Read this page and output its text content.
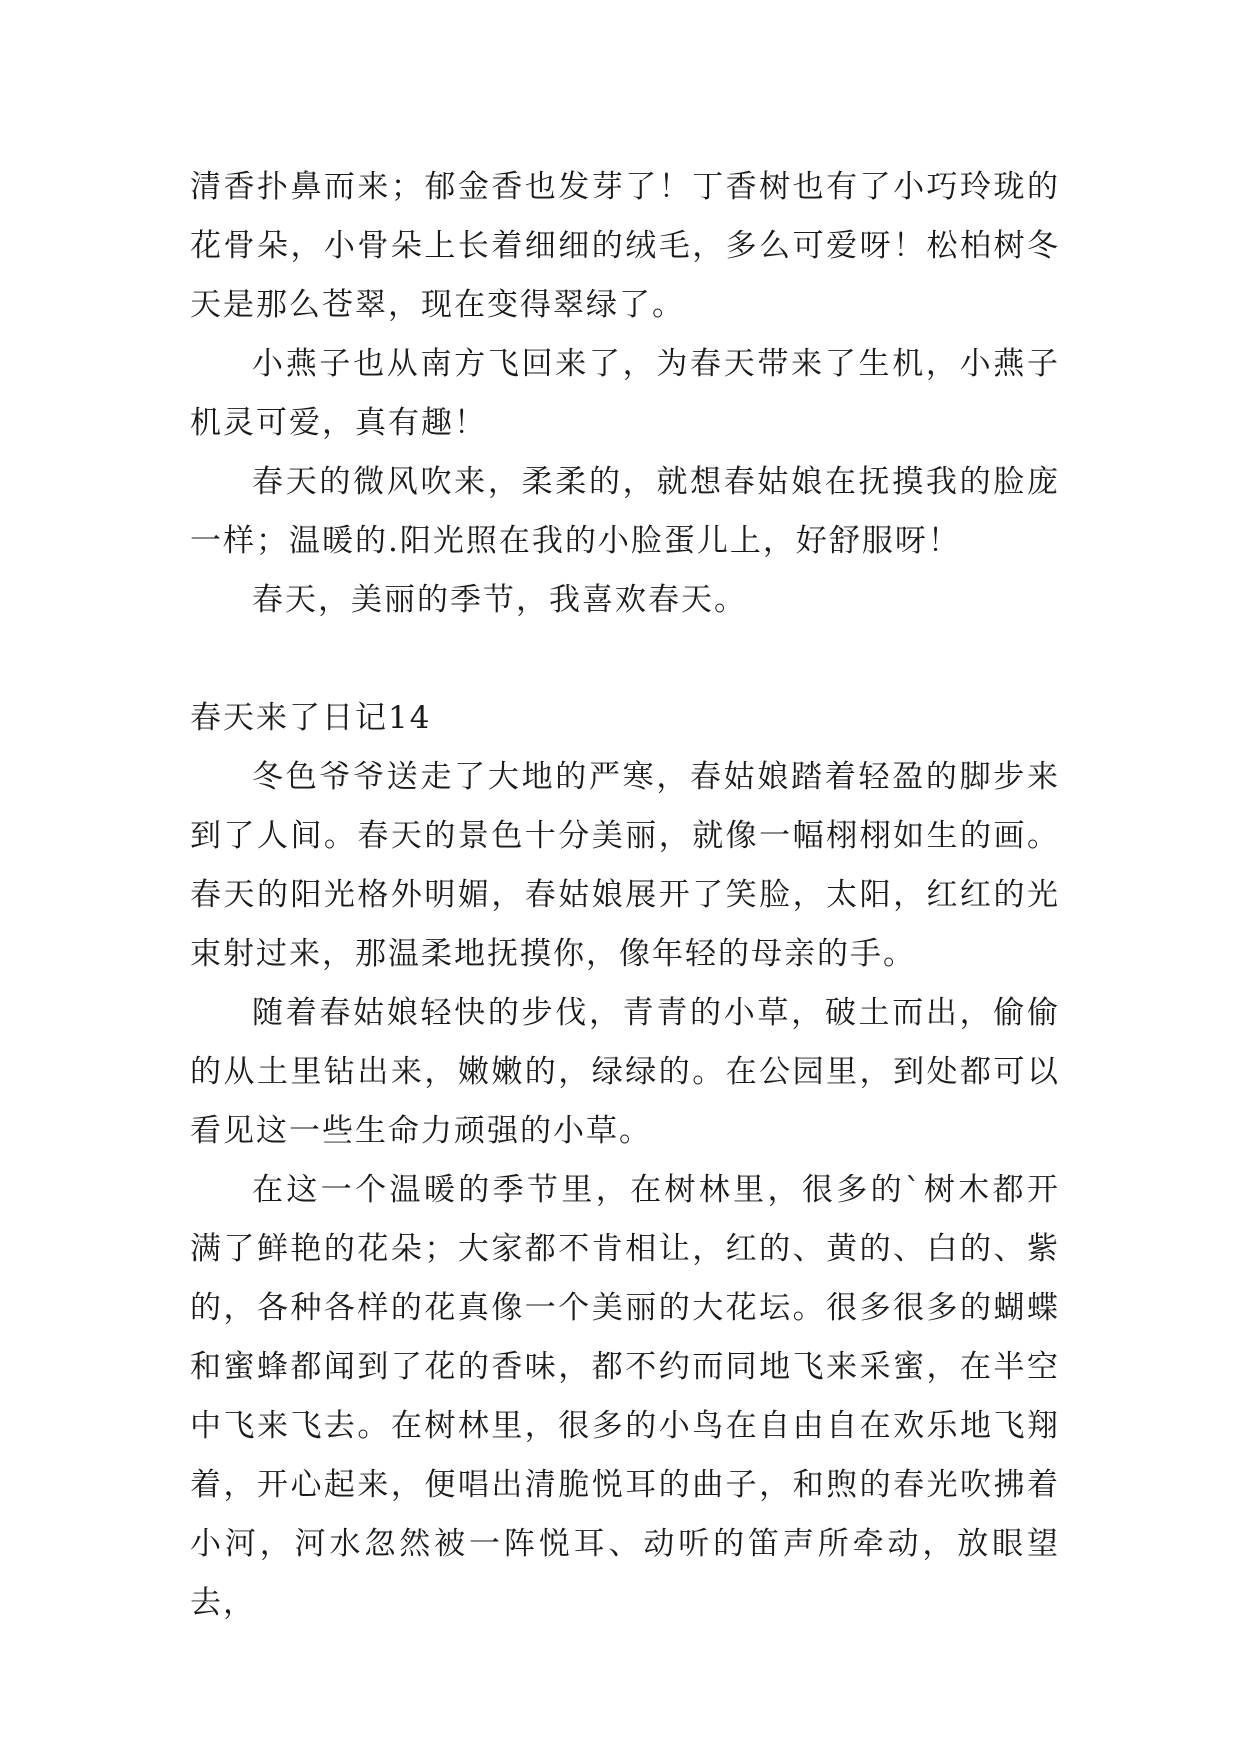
清香扑鼻而来；郁金香也发芽了！丁香树也有了小巧玲珑的花骨朵，小骨朵上长着细细的绒毛，多么可爱呀！松柏树冬天是那么苍翠，现在变得翠绿了。

小燕子也从南方飞回来了，为春天带来了生机，小燕子机灵可爱，真有趣！

春天的微风吹来，柔柔的，就想春姑娘在抚摸我的脸庞一样；温暖的.阳光照在我的小脸蛋儿上，好舒服呀！

春天，美丽的季节，我喜欢春天。

春天来了日记14

冬色爷爷送走了大地的严寒，春姑娘踏着轻盈的脚步来到了人间。春天的景色十分美丽，就像一幅栩栩如生的画。春天的阳光格外明媚，春姑娘展开了笑脸，太阳，红红的光束射过来，那温柔地抚摸你，像年轻的母亲的手。

随着春姑娘轻快的步伐，青青的小草，破土而出，偷偷的从土里钻出来，嫩嫩的，绿绿的。在公园里，到处都可以看见这一些生命力顽强的小草。

在这一个温暖的季节里，在树林里，很多的`树木都开满了鲜艳的花朵；大家都不肯相让，红的、黄的、白的、紫的，各种各样的花真像一个美丽的大花坛。很多很多的蝴蝶和蜜蜂都闻到了花的香味，都不约而同地飞来采蜜，在半空中飞来飞去。在树林里，很多的小鸟在自由自在欢乐地飞翔着，开心起来，便唱出清脆悦耳的曲子，和煦的春光吹拂着小河，河水忽然被一阵悦耳、动听的笛声所牵动，放眼望去，
